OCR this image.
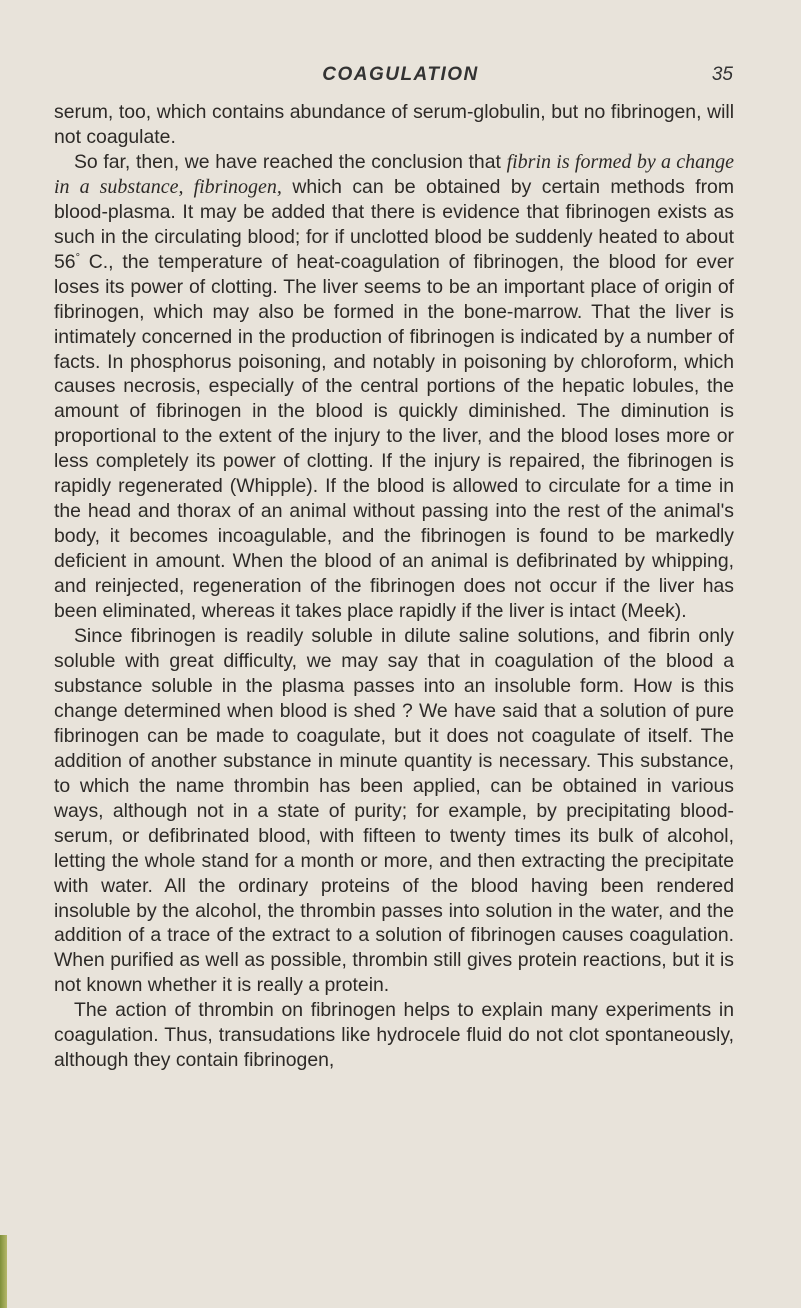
COAGULATION	35

serum, too, which contains abundance of serum-globulin, but no fibrinogen, will not coagulate.

So far, then, we have reached the conclusion that fibrin is formed by a change in a substance, fibrinogen, which can be obtained by certain methods from blood-plasma. It may be added that there is evidence that fibrinogen exists as such in the circulating blood; for if unclotted blood be suddenly heated to about 56° C., the temperature of heat-coagulation of fibrinogen, the blood for ever loses its power of clotting. The liver seems to be an important place of origin of fibrinogen, which may also be formed in the bone-marrow. That the liver is intimately concerned in the production of fibrinogen is indicated by a number of facts. In phosphorus poisoning, and notably in poisoning by chloroform, which causes necrosis, especially of the central portions of the hepatic lobules, the amount of fibrinogen in the blood is quickly diminished. The diminution is proportional to the extent of the injury to the liver, and the blood loses more or less completely its power of clotting. If the injury is repaired, the fibrinogen is rapidly regenerated (Whipple). If the blood is allowed to circulate for a time in the head and thorax of an animal without passing into the rest of the animal's body, it becomes incoagulable, and the fibrinogen is found to be markedly deficient in amount. When the blood of an animal is defibrinated by whipping, and reinjected, regeneration of the fibrinogen does not occur if the liver has been eliminated, whereas it takes place rapidly if the liver is intact (Meek).

Since fibrinogen is readily soluble in dilute saline solutions, and fibrin only soluble with great difficulty, we may say that in coagulation of the blood a substance soluble in the plasma passes into an insoluble form. How is this change determined when blood is shed ? We have said that a solution of pure fibrinogen can be made to coagulate, but it does not coagulate of itself. The addition of another substance in minute quantity is necessary. This substance, to which the name thrombin has been applied, can be obtained in various ways, although not in a state of purity; for example, by precipitating blood-serum, or defibrinated blood, with fifteen to twenty times its bulk of alcohol, letting the whole stand for a month or more, and then extracting the precipitate with water. All the ordinary proteins of the blood having been rendered insoluble by the alcohol, the thrombin passes into solution in the water, and the addition of a trace of the extract to a solution of fibrinogen causes coagulation. When purified as well as possible, thrombin still gives protein reactions, but it is not known whether it is really a protein.

The action of thrombin on fibrinogen helps to explain many experiments in coagulation. Thus, transudations like hydrocele fluid do not clot spontaneously, although they contain fibrinogen,
